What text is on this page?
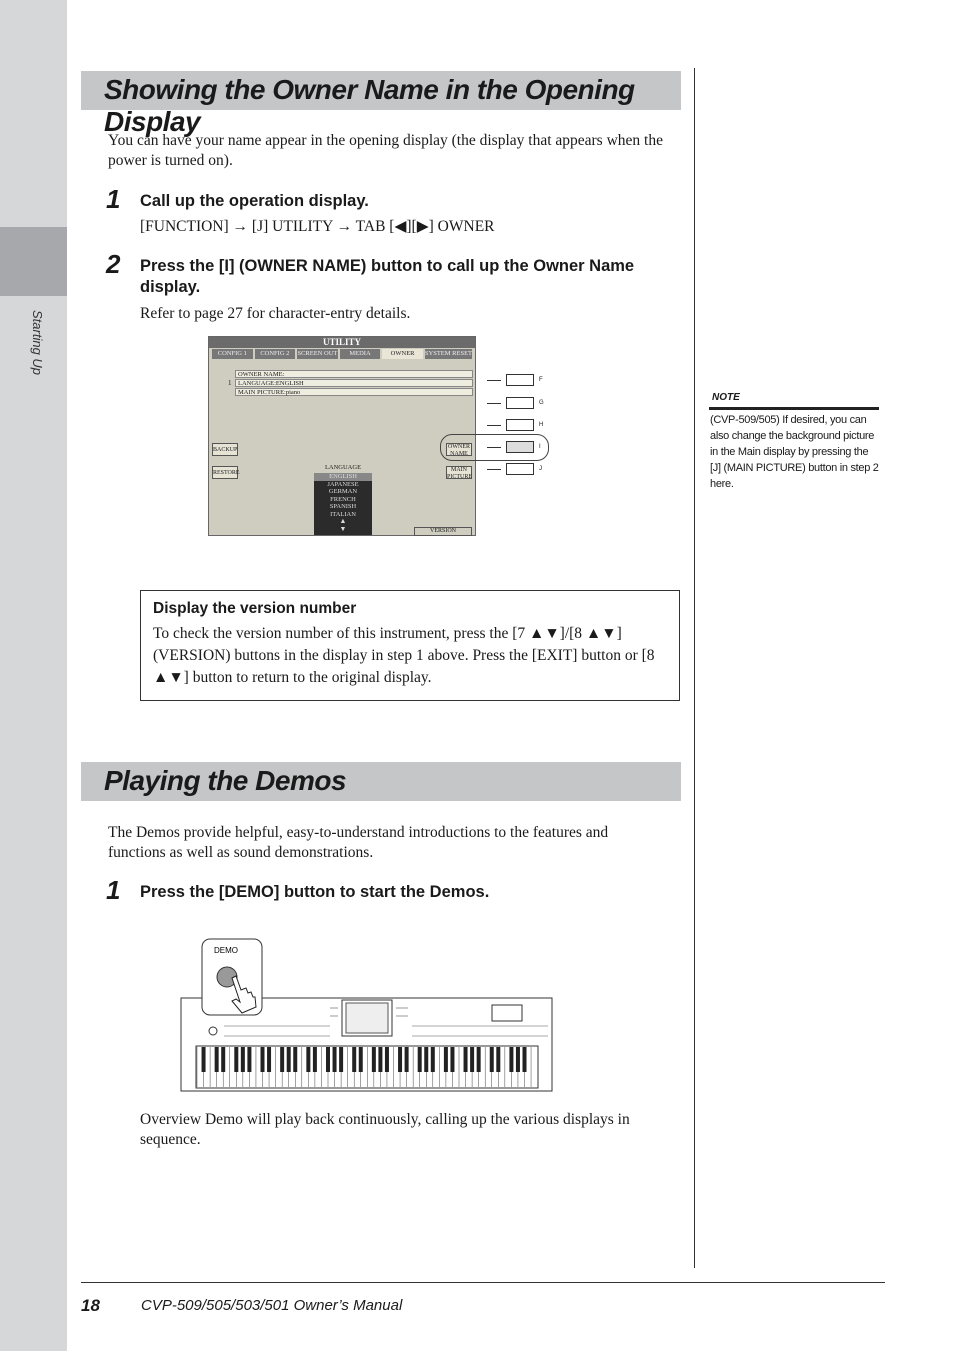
Starting Up
Showing the Owner Name in the Opening Display
You can have your name appear in the opening display (the display that appears when the power is turned on).
1 Call up the operation display.
[FUNCTION] → [J] UTILITY → TAB [◀][▶] OWNER
2 Press the [I] (OWNER NAME) button to call up the Owner Name display.
Refer to page 27 for character-entry details.
UTILITY
CONFIG 1	CONFIG 2	SCREEN OUT	MEDIA	OWNER	SYSTEM RESET
OWNER NAME:
1	LANGUAGE:ENGLISH
MAIN PICTURE:piano
BACKUP
RESTORE
OWNER NAME
MAIN PICTURE
LANGUAGE
ENGLISH
JAPANESE
GERMAN
FRENCH
SPANISH
ITALIAN
▲
▼	VERSION
F
G
H
I
J
Display the version number
To check the version number of this instrument, press the [7 ▲▼]/[8 ▲▼] (VERSION) buttons in the display in step 1 above. Press the [EXIT] button or [8 ▲▼] button to return to the original display.
Playing the Demos
The Demos provide helpful, easy-to-understand introductions to the features and functions as well as sound demonstrations.
1 Press the [DEMO] button to start the Demos.
DEMO
Overview Demo will play back continuously, calling up the various displays in sequence.
NOTE
(CVP-509/505) If desired, you can also change the background picture in the Main display by pressing the [J] (MAIN PICTURE) button in step 2 here.
18	CVP-509/505/503/501 Owner’s Manual
